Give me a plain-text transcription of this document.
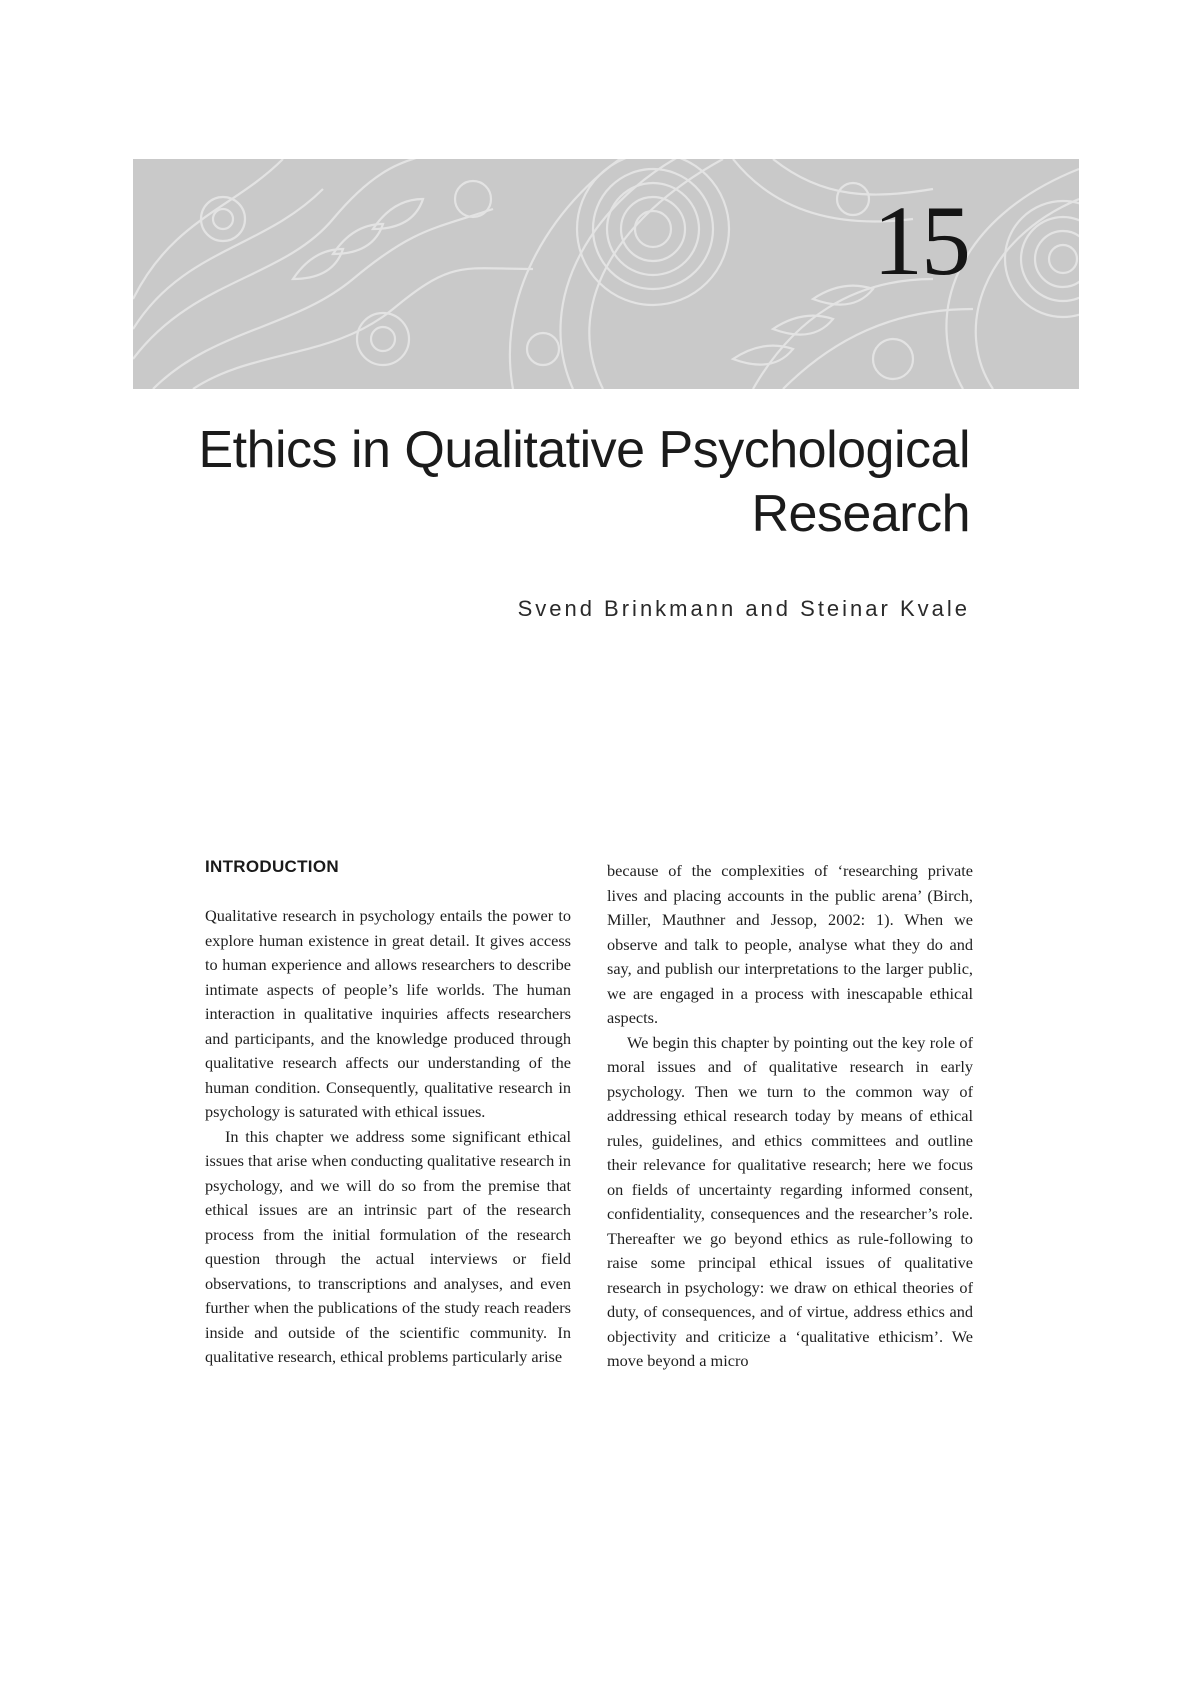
15
Ethics in Qualitative Psychological Research
Svend Brinkmann and Steinar Kvale
INTRODUCTION

Qualitative research in psychology entails the power to explore human existence in great detail. It gives access to human experience and allows researchers to describe intimate aspects of people’s life worlds. The human interaction in qualitative inquiries affects researchers and participants, and the knowledge produced through qualitative research affects our understanding of the human condition. Consequently, qualitative research in psychology is saturated with ethical issues.

In this chapter we address some significant ethical issues that arise when conducting qualitative research in psychology, and we will do so from the premise that ethical issues are an intrinsic part of the research process from the initial formulation of the research question through the actual interviews or field observations, to transcriptions and analyses, and even further when the publications of the study reach readers inside and outside of the scientific community. In qualitative research, ethical problems particularly arise

because of the complexities of ‘researching private lives and placing accounts in the public arena’ (Birch, Miller, Mauthner and Jessop, 2002: 1). When we observe and talk to people, analyse what they do and say, and publish our interpretations to the larger public, we are engaged in a process with inescapable ethical aspects.

We begin this chapter by pointing out the key role of moral issues and of qualitative research in early psychology. Then we turn to the common way of addressing ethical research today by means of ethical rules, guidelines, and ethics committees and outline their relevance for qualitative research; here we focus on fields of uncertainty regarding informed consent, confidentiality, consequences and the researcher’s role. Thereafter we go beyond ethics as rule-following to raise some principal ethical issues of qualitative research in psychology: we draw on ethical theories of duty, of consequences, and of virtue, address ethics and objectivity and criticize a ‘qualitative ethicism’. We move beyond a micro
